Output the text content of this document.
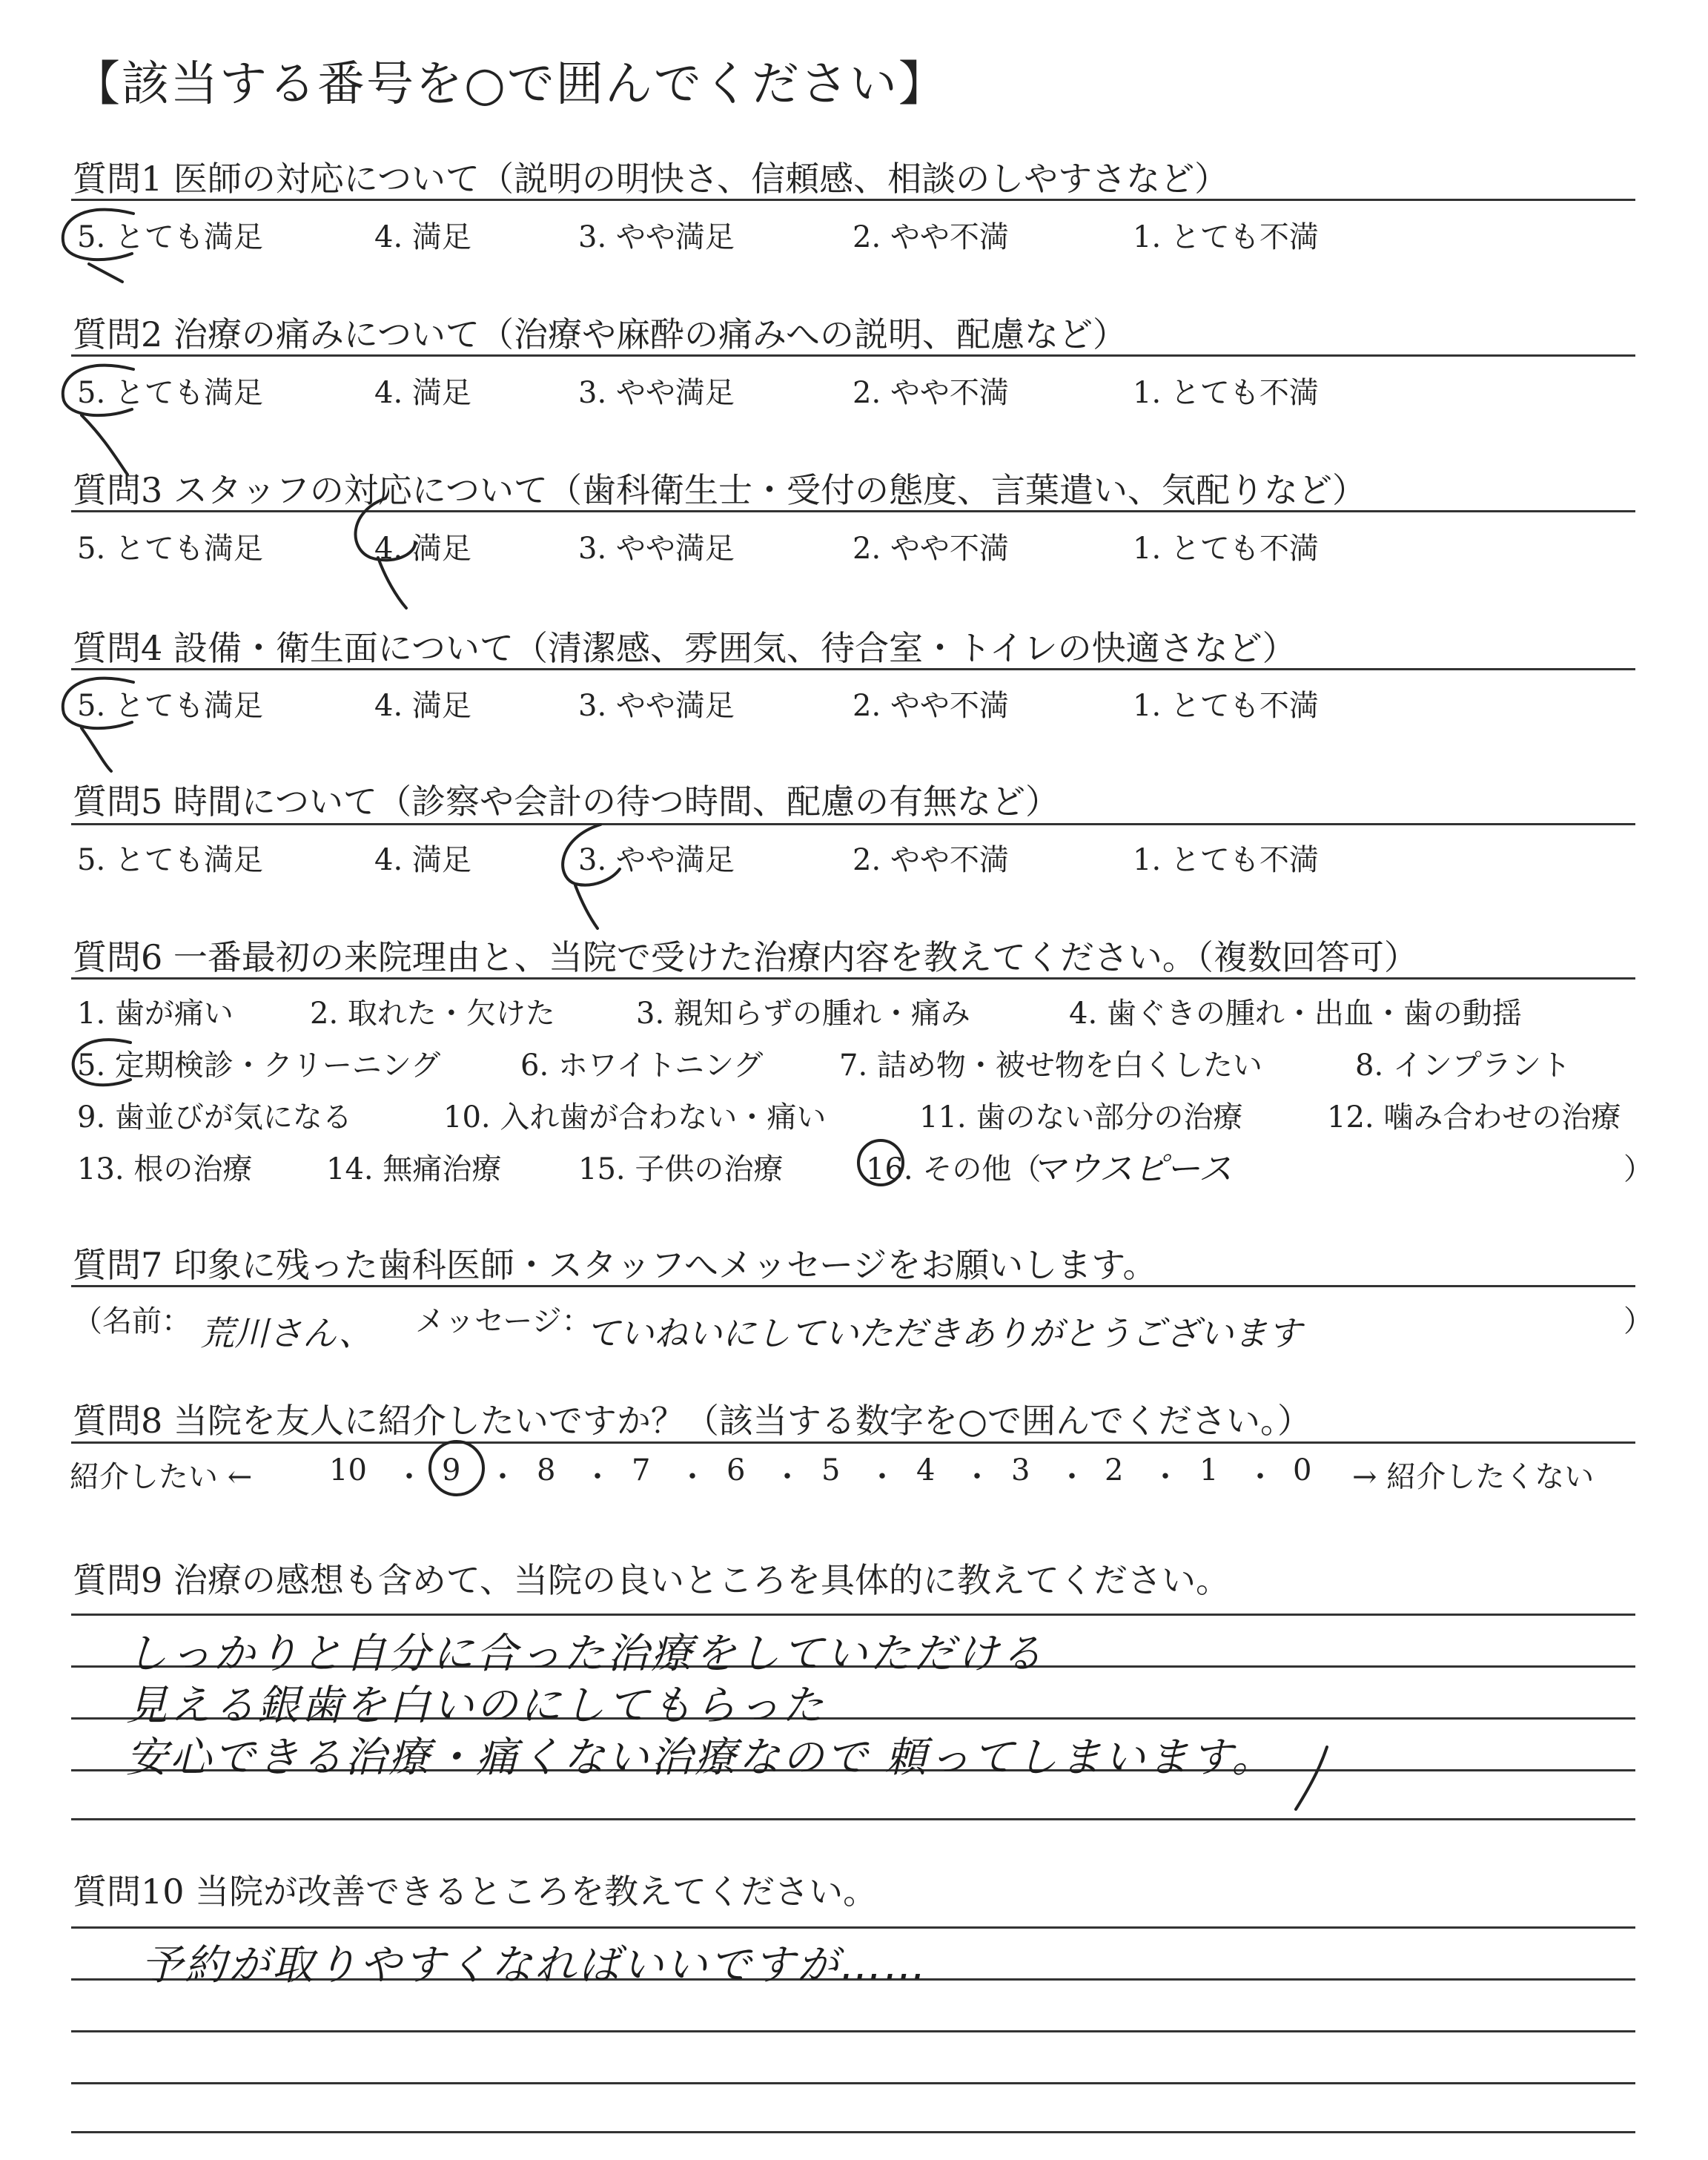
【該当する番号を○で囲んでください】
質問1 医師の対応について（説明の明快さ、信頼感、相談のしやすさなど）
5. とても満足	4. 満足	3. やや満足	2. やや不満	1. とても不満
質問2 治療の痛みについて（治療や麻酔の痛みへの説明、配慮など）
5. とても満足	4. 満足	3. やや満足	2. やや不満	1. とても不満
質問3 スタッフの対応について（歯科衛生士・受付の態度、言葉遣い、気配りなど）
5. とても満足	4. 満足	3. やや満足	2. やや不満	1. とても不満
質問4 設備・衛生面について（清潔感、雰囲気、待合室・トイレの快適さなど）
5. とても満足	4. 満足	3. やや満足	2. やや不満	1. とても不満
質問5 時間について（診察や会計の待つ時間、配慮の有無など）
5. とても満足	4. 満足	3. やや満足	2. やや不満	1. とても不満
質問6 一番最初の来院理由と、当院で受けた治療内容を教えてください。（複数回答可）
1. 歯が痛い	2. 取れた・欠けた	3. 親知らずの腫れ・痛み	4. 歯ぐきの腫れ・出血・歯の動揺
5. 定期検診・クリーニング	6. ホワイトニング	7. 詰め物・被せ物を白くしたい	8. インプラント
9. 歯並びが気になる	10. 入れ歯が合わない・痛い	11. 歯のない部分の治療	12. 噛み合わせの治療
13. 根の治療 14. 無痛治療	15. 子供の治療	16. その他（
マウスピース	）
質問7 印象に残った歯科医師・スタッフへメッセージをお願いします。
（名前： 荒川さん、 メッセージ：
ていねいにしていただきありがとうございます	）
質問8 当院を友人に紹介したいですか？（該当する数字を○で囲んでください。）
紹介したい ←	10 ・ 9 ・ 8 ・ 7 ・ 6 ・ 5 ・ 4 ・ 3 ・ 2 ・ 1 ・ 0 → 紹介したくない
質問9 治療の感想も含めて、当院の良いところを具体的に教えてください。
しっかりと自分に合った治療をしていただける
見える銀歯を白いのにしてもらった
安心できる治療・痛くない治療なので 頼ってしまいます。
質問10 当院が改善できるところを教えてください。
予約が取りやすくなればいいですが……
